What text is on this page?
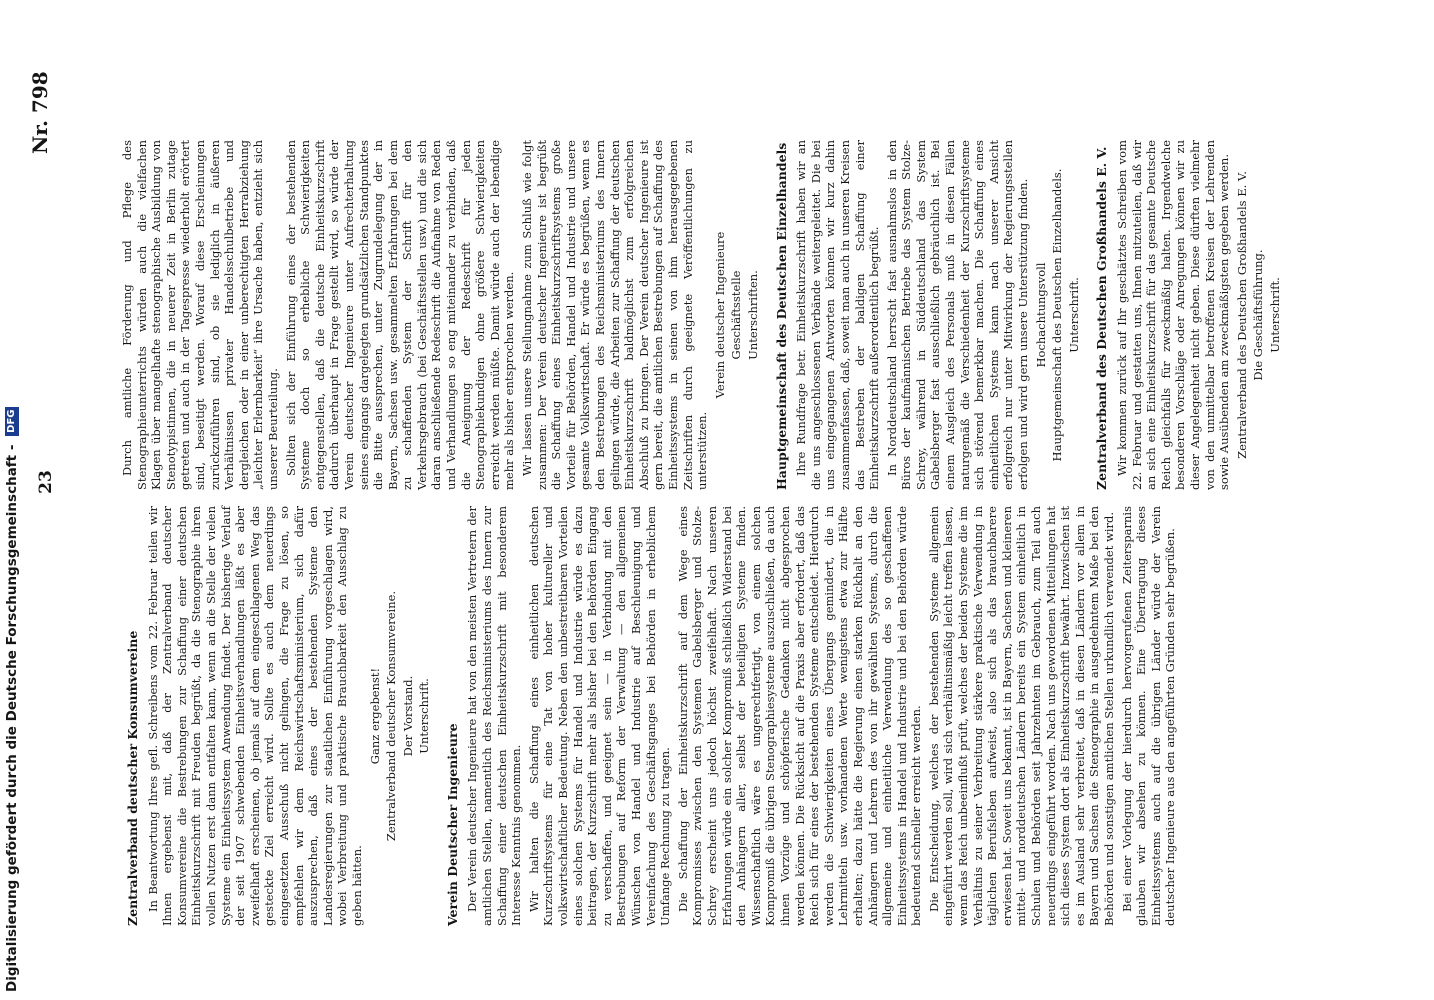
Digitalisierung gefördert durch die Deutsche Forschungsgemeinschaft - DFG
23
Nr. 798
Zentralverband deutscher Konsumvereine In Beantwortung Ihres gefl. Schreibens vom 22. Februar teilen wir Ihnen ergebenst mit, daß der Zentralverband deutscher Konsumvereine die Bestrebungen zur Schaffung einer deutschen Einheitskurzschrift mit Freuden begrüßt, da die Stenographie ihren vollen Nutzen erst dann entfalten kann, wenn an die Stelle der vielen Systeme ein Einheitssystem Anwendung findet. Der bisherige Verlauf der seit 1907 schwebenden Einheitsverhandlungen läßt es aber zweifelhaft erscheinen, ob jemals auf dem eingeschlagenen Weg das gesteckte Ziel erreicht wird. Sollte es auch dem neuerdings eingesetzten Ausschuß nicht gelingen, die Frage zu lösen, so empfehlen wir dem Reichswirtschaftsministerium, sich dafür auszusprechen, daß eines der bestehenden Systeme den Landesregierungen zur staatlichen Einführung vorgeschlagen wird, wobei Verbreitung und praktische Brauchbarkeit den Ausschlag zu geben hätten.

Ganz ergebenst! Zentralverband deutscher Konsumvereine. Der Vorstand. Unterschrift.

Verein Deutscher Ingenieure Der Verein deutscher Ingenieure hat von den meisten Vertretern der amtlichen Stellen, namentlich des Reichsministeriums des Innern zur Schaffung einer deutschen Einheitskurzschrift mit besonderem Interesse Kenntnis genommen. Wir halten die Schaffung eines einheitlichen deutschen Kurzschriftsystems für eine Tat von hoher kultureller und volkswirtschaftlicher Bedeutung. Neben den unbestreitbaren Vorteilen eines solchen Systems für Handel und Industrie würde es dazu beitragen, der Kurzschrift mehr als bisher bei den Behörden Eingang zu verschaffen, und geeignet sein — in Verbindung mit den Bestrebungen auf Reform der Verwaltung — den allgemeinen Wünschen von Handel und Industrie auf Beschleunigung und Vereinfachung des Geschäftsganges bei Behörden in erheblichem Umfange Rechnung zu tragen. Die Schaffung der Einheitskurzschrift auf dem Wege eines Kompromisses zwischen den Systemen Gabelsberger und Stolze-Schrey erscheint uns jedoch höchst zweifelhaft. Nach unseren Erfahrungen würde ein solcher Kompromiß schließlich Widerstand bei den Anhängern aller, selbst der beteiligten Systeme finden. Wissenschaftlich wäre es ungerechtfertigt, von einem solchen Kompromiß die übrigen Stenographiesysteme auszuschließen, da auch ihnen Vorzüge und schöpferische Gedanken nicht abgesprochen werden können. Die Rücksicht auf die Praxis aber erfordert, daß das Reich sich für eines der bestehenden Systeme entscheidet. Hierdurch werden die Schwierigkeiten eines Übergangs gemindert, die in Lehrmitteln usw. vorhandenen Werte wenigstens etwa zur Hälfte erhalten; dazu hätte die Regierung einen starken Rückhalt an den Anhängern und Lehrern des von ihr gewählten Systems, durch die allgemeine und einheitliche Verwendung des so geschaffenen Einheitssystems in Handel und Industrie und bei den Behörden würde bedeutend schneller erreicht werden. Die Entscheidung, welches der bestehenden Systeme allgemein eingeführt werden soll, wird sich verhältnismäßig leicht treffen lassen, wenn das Reich unbeeinflußt prüft, welches der beiden Systeme die im Verhältnis zu seiner Verbreitung stärkere praktische Verwendung in täglichen Berufsleben aufweist, also sich als das brauchbarere erwiesen hat. Soweit uns bekannt, ist in Bayern, Sachsen und kleineren mittel- und norddeutschen Ländern bereits ein System einheitlich in Schulen und Behörden seit Jahrzehnten im Gebrauch, zum Teil auch neuerdings eingeführt worden. Nach uns gewordenen Mitteilungen hat sich dieses System dort als Einheitskurzschrift bewährt. Inzwischen ist es im Ausland sehr verbreitet, daß in diesen Ländern vor allem in Bayern und Sachsen die Stenographie in ausgedehntem Maße bei den Behörden und sonstigen amtlichen Stellen urkundlich verwendet wird. Bei einer Vorlegung der hierdurch hervorgerufenen Zeitersparnis glauben wir absehen zu können. Eine Übertragung dieses Einheitssystems auch auf die übrigen Länder würde der Verein deutscher Ingenieure aus den angeführten Gründen sehr begrüßen.

Durch amtliche Förderung und Pflege des Stenographieunterrichts würden auch die vielfachen Klagen über mangelhafte stenographische Ausbildung von Stenotypistinnen, die in neuerer Zeit in Berlin zutage getreten und auch in der Tagespresse wiederholt erörtert sind, beseitigt werden. Worauf diese Erscheinungen zurückzuführen sind, ob sie lediglich in äußeren Verhältnissen privater Handelsschulbetriebe und dergleichen oder in einer unberechtigten Herrabziehung „leichter Erlernbarkeit“ ihre Ursache haben, entzieht sich unserer Beurteilung. Sollten sich der Einführung eines der bestehenden Systeme doch so erhebliche Schwierigkeiten entgegenstellen, daß die deutsche Einheitskurzschrift dadurch überhaupt in Frage gestellt wird, so würde der Verein deutscher Ingenieure unter Aufrechterhaltung seines eingangs dargelegten grundsätzlichen Standpunktes die Bitte aussprechen, unter Zugrundelegung der in Bayern, Sachsen usw. gesammelten Erfahrungen bei dem zu schaffenden System der Schrift für den Verkehrsgebrauch (bei Geschäftsstellen usw.) und die sich daran anschließende Redeschrift die Aufnahme von Reden und Verhandlungen so eng miteinander zu verbinden, daß die Aneignung der Redeschrift für jeden Stenographiekundigen ohne größere Schwierigkeiten erreicht werden müßte. Damit würde auch der lebendige mehr als bisher entsprochen werden. Wir lassen unsere Stellungnahme zum Schluß wie folgt zusammen: Der Verein deutscher Ingenieure ist begrüßt die Schaffung eines Einheitskurzschriftsystems große Vorteile für Behörden, Handel und Industrie und unsere gesamte Volkswirtschaft. Er würde es begrüßen, wenn es den Bestrebungen des Reichsministeriums des Innern gelingen würde, die Arbeiten zur Schaffung der deutschen Einheitskurzschrift baldmöglichst zum erfolgreichen Abschluß zu bringen. Der Verein deutscher Ingenieure ist gern bereit, die amtlichen Bestrebungen auf Schaffung des Einheitssystems in seinen von ihm herausgegebenen Zeitschriften durch geeignete Veröffentlichungen zu unterstützen.

Verein deutscher Ingenieure Geschäftsstelle Unterschriften. Hauptgemeinschaft des Deutschen Einzelhandels Ihre Rundfrage betr. Einheitskurzschrift haben wir an die uns angeschlossenen Verbände weitergeleitet. Die bei uns eingegangenen Antworten können wir kurz dahin zusammenfassen, daß, soweit man auch in unseren Kreisen das Bestreben der baldigen Schaffung einer Einheitskurzschrift außerordentlich begrüßt. In Norddeutschland herrscht fast ausnahmslos in den Büros der kaufmännischen Betriebe das System Stolze-Schrey, während in Süddeutschland das System Gabelsberger fast ausschließlich gebräuchlich ist. Bei einem Ausgleich des Personals muß in diesen Fällen naturgemäß die Verschiedenheit der Kurzschriftsysteme sich störend bemerkbar machen. Die Schaffung eines einheitlichen Systems kann nach unserer Ansicht erfolgreich nur unter Mitwirkung der Regierungsstellen erfolgen und wird gern unsere Unterstützung finden. Hochachtungsvoll Hauptgemeinschaft des Deutschen Einzelhandels. Unterschrift. Zentralverband des Deutschen Großhandels E. V. Wir kommen zurück auf Ihr geschätztes Schreiben vom 22. Februar und gestatten uns, Ihnen mitzuteilen, daß wir an sich eine Einheitskurzschrift für das gesamte Deutsche Reich gleichfalls für zweckmäßig halten. Irgendwelche besonderen Vorschläge oder Anregungen können wir zu dieser Angelegenheit nicht geben. Diese dürften vielmehr von den unmittelbar betroffenen Kreisen der Lehrenden sowie Ausübenden am zweckmäßigsten gegeben werden. Zentralverband des Deutschen Großhandels E. V. Die Geschäftsführung. Unterschrift.
